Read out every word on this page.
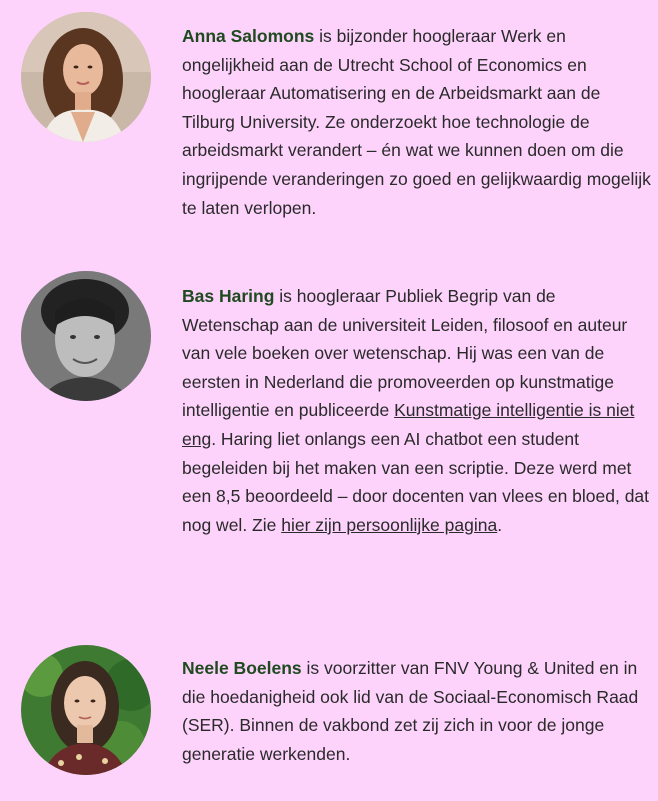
Anna Salomons is bijzonder hoogleraar Werk en ongelijkheid aan de Utrecht School of Economics en hoogleraar Automatisering en de Arbeidsmarkt aan de Tilburg University. Ze onderzoekt hoe technologie de arbeidsmarkt verandert – én wat we kunnen doen om die ingrijpende veranderingen zo goed en gelijkwaardig mogelijk te laten verlopen.

Bas Haring is hoogleraar Publiek Begrip van de Wetenschap aan de universiteit Leiden, filosoof en auteur van vele boeken over wetenschap. Hij was een van de eersten in Nederland die promoveerden op kunstmatige intelligentie en publiceerde Kunstmatige intelligentie is niet eng. Haring liet onlangs een AI chatbot een student begeleiden bij het maken van een scriptie. Deze werd met een 8,5 beoordeeld – door docenten van vlees en bloed, dat nog wel. Zie hier zijn persoonlijke pagina.

Neele Boelens is voorzitter van FNV Young & United en in die hoedanigheid ook lid van de Sociaal-Economisch Raad (SER). Binnen de vakbond zet zij zich in voor de jonge generatie werkenden.
